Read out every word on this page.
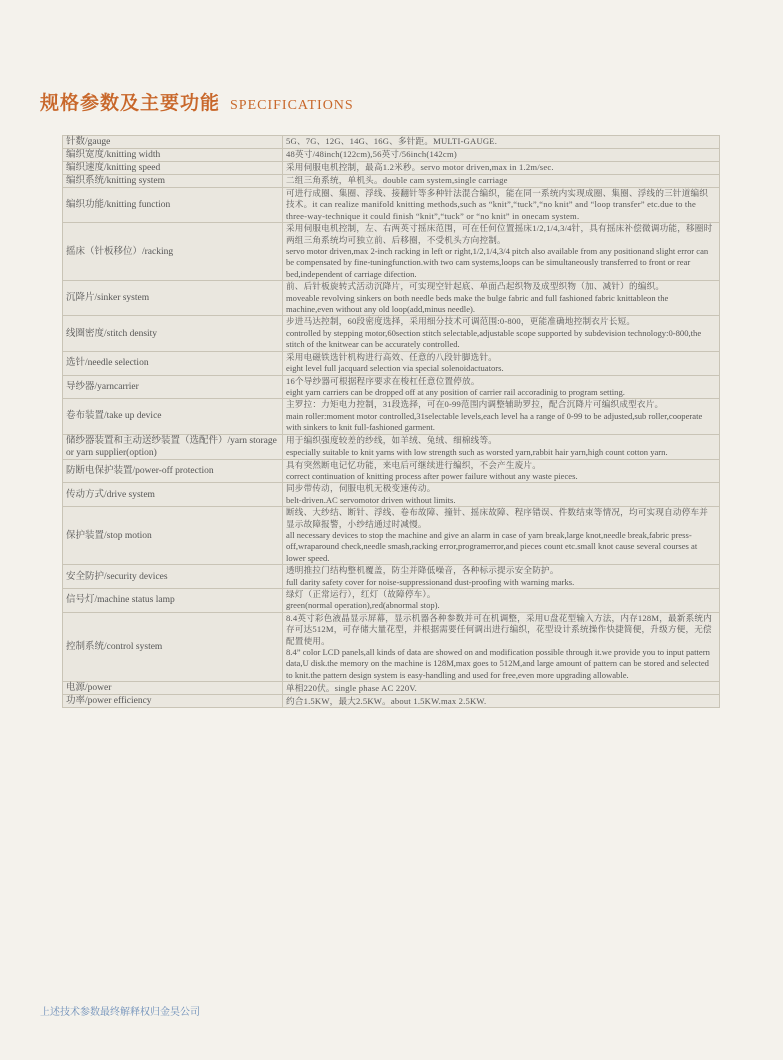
规格参数及主要功能 SPECIFICATIONS
针数/gauge	5G、7G、12G、14G、16G、多针距。MULTI-GAUGE.

编织宽度/knitting width	48英寸/48inch(122cm),56英寸/56inch(142cm)

编织速度/knitting speed	采用伺服电机控制，最高1.2米秒。servo motor driven,max in 1.2m/sec.

编织系统/knitting system	二组三角系统，单机头。double cam system,single carriage

编织功能/knitting function	可进行成圈、集圈、浮线、接翻针等多种针法混合编织，能在同一系统内实现成圈、集圈、浮线的三针道编织技术。it can realize manifold knitting methods,such as “knit”,“tuck”,“no knit” and “loop transfer” etc.due to the three-way-technique it could finish “knit”,“tuck” or “no knit” in onecam system.

摇床（针板移位）/racking	采用伺服电机控制，左、右两英寸摇床范围，可在任何位置摇床1/2,1/4,3/4针，具有摇床补偿微调功能，移圈时两组三角系统均可独立前、后移圈，不受机头方向控制。
servo motor driven,max 2-inch racking in left or right,1/2,1/4,3/4 pitch also available from any positionand slight error can be compensated by fine-tuningfunction.with two cam systems,loops can be simultaneously transferred to front or rear bed,independent of carriage difection.

沉降片/sinker system	前、后针板旋转式活动沉降片，可实现空针起底、单面凸起织物及成型织物（加、减针）的编织。
moveable revolving sinkers on both needle beds make the bulge fabric and full fashioned fabric knittableon the machine,even without any old loop(add,minus needle).

线圈密度/stitch density	步进马达控制，60段密度选择，采用细分技术可调范围:0-800，更能准确地控制衣片长短。
controlled by stepping motor,60section stitch selectable,adjustable scope supported by subdevision technology:0-800,the stitch of the knitwear can be accurately controlled.

选针/needle selection	采用电磁铁选针机构进行高效、任意的八段针脚选针。
eight level full jacquard selection via special solenoidactuators.

导纱器/yarncarrier	16个导纱器可根据程序要求在梭杠任意位置停放。
eight yarn carriers can be dropped off at any position of carrier rail accoradinig to program setting.

卷布装置/take up device	主罗拉：力矩电力控制，31段选择，可在0-99范围内调整辅助罗拉，配合沉降片可编织成型衣片。
main roller:moment motor controlled,31selectable levels,each level ha a range of 0-99 to be adjusted,sub roller,cooperate with sinkers to knit full-fashioned garment.

储纱器装置和主动送纱装置（选配件）/yarn storage or yarn supplier(option)	用于编织强度较差的纱线，如羊绒、兔绒、细棉线等。
especially suitable to knit yarns with low strength such as worsted yarn,rabbit hair yarn,high count cotton yarn.

防断电保护装置/power-off protection	具有突然断电记忆功能，来电后可继续进行编织，不会产生废片。
correct continuation of knitting process after power failure without any waste pieces.

传动方式/drive system	同步带传动，伺服电机无极变速传动。
belt-driven.AC servomotor driven without limits.

保护装置/stop motion	断线、大纱结、断针、浮线、卷布故障、撞针、摇床故障、程序错误、件数结束等情况，均可实现自动停车并显示故障报警，小纱结通过时减慢。
all necessary devices to stop the machine and give an alarm in case of yarn break,large knot,needle break,fabric press-off,wraparound check,needle smash,racking error,programerror,and pieces count etc.small knot cause several courses at lower speed.

安全防护/security devices	透明推拉门结构整机覆盖，防尘并降低噪音，各种标示提示安全防护。
full darity safety cover for noise-suppressionand dust-proofing with warning marks.

信号灯/machine status lamp	绿灯（正常运行），红灯（故障停车）。
green(normal operation),red(abnormal stop).

控制系统/control system	8.4英寸彩色液晶显示屏幕，显示机器各种参数并可在机调整，采用U盘花型输入方法，内存128M，最新系统内存可达512M，可存储大量花型，并根据需要任何调出进行编织，花型设计系统操作快捷简便，升级方便，无偿配置使用。
8.4” color LCD panels,all kinds of data are showed on and modification possible through it.we provide you to input pattern data,U disk.the memory on the machine is 128M,max goes to 512M,and large amount of pattern can be stored and selected to knit.the pattern design system is easy-handling and used for free,even more upgrading allowable.

电源/power	单相220伏。single phase AC 220V.

功率/power efficiency	约合1.5KW，最大2.5KW。about 1.5KW.max 2.5KW.
上述技术参数最终解释权归金昊公司
